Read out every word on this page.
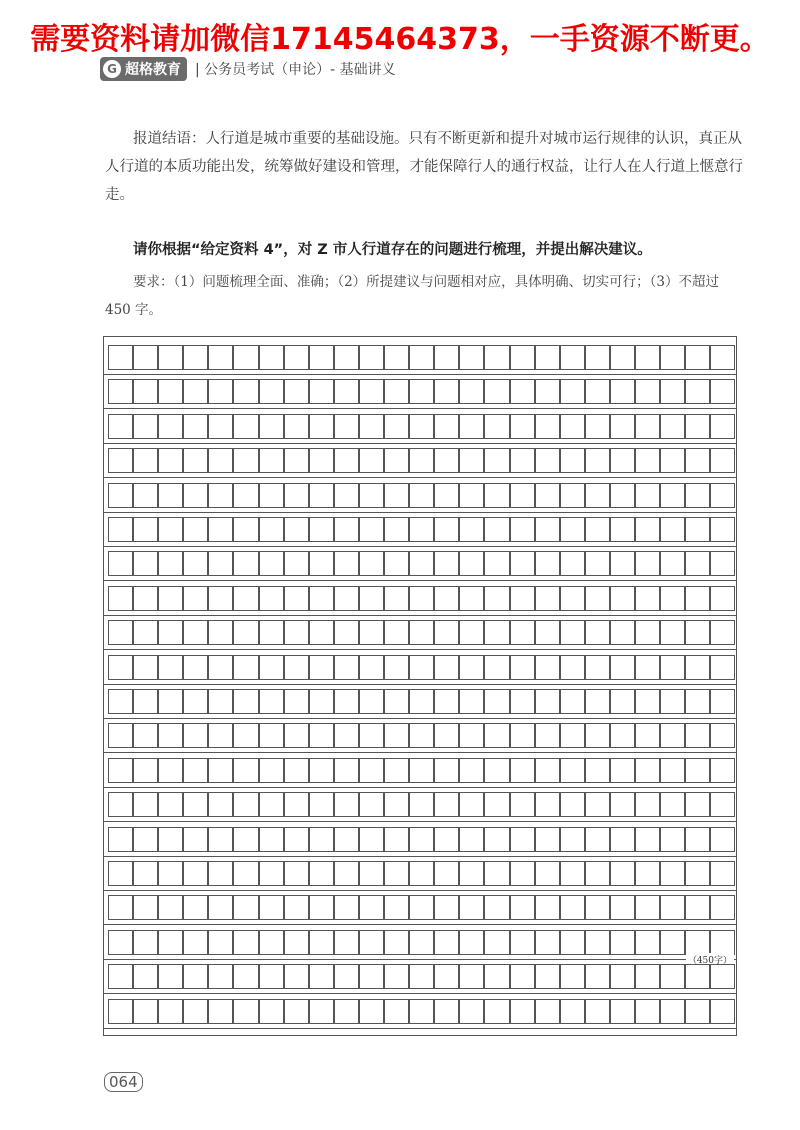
需要资料请加微信17145464373，一手资源不断更。
G 超格教育 | 公务员考试（申论）- 基础讲义
报道结语：人行道是城市重要的基础设施。只有不断更新和提升对城市运行规律的认识，真正从人行道的本质功能出发，统筹做好建设和管理，才能保障行人的通行权益，让行人在人行道上惬意行走。
请你根据“给定资料 4”，对 Z 市人行道存在的问题进行梳理，并提出解决建议。
要求：（1）问题梳理全面、准确；（2）所提建议与问题相对应，具体明确、切实可行；（3）不超过 450 字。
（450字）
064
